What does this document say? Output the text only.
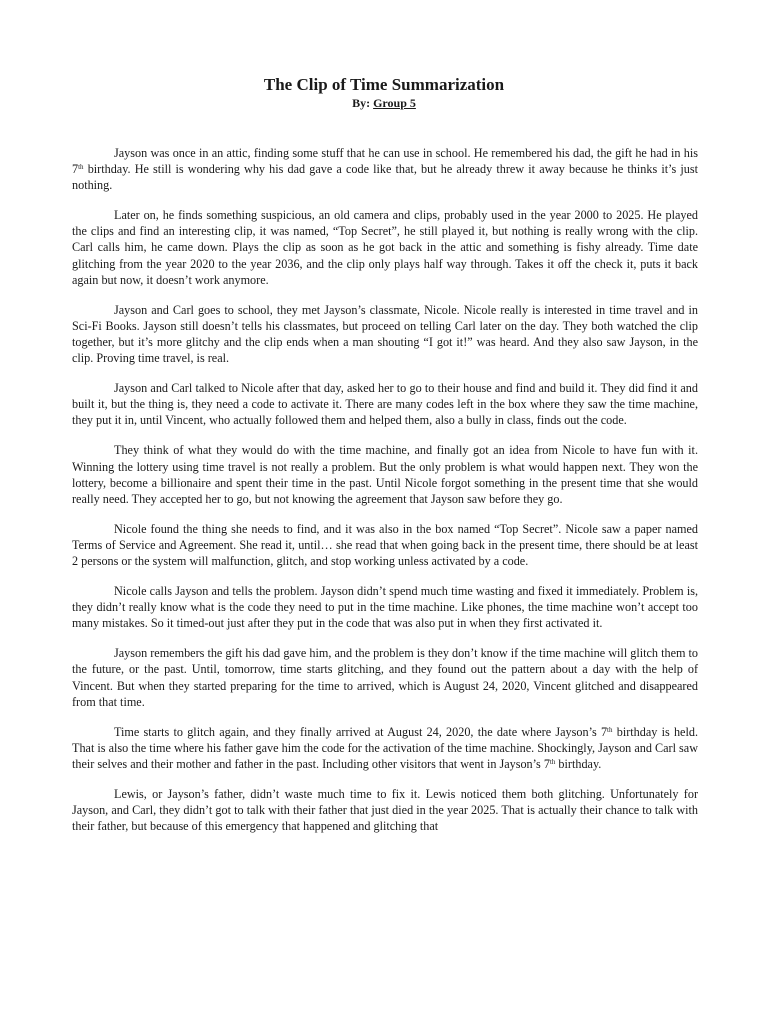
The Clip of Time Summarization
By: Group 5

Jayson was once in an attic, finding some stuff that he can use in school. He remembered his dad, the gift he had in his 7th birthday. He still is wondering why his dad gave a code like that, but he already threw it away because he thinks it’s just nothing.

Later on, he finds something suspicious, an old camera and clips, probably used in the year 2000 to 2025. He played the clips and find an interesting clip, it was named, “Top Secret”, he still played it, but nothing is really wrong with the clip. Carl calls him, he came down. Plays the clip as soon as he got back in the attic and something is fishy already. Time date glitching from the year 2020 to the year 2036, and the clip only plays half way through. Takes it off the check it, puts it back again but now, it doesn’t work anymore.

Jayson and Carl goes to school, they met Jayson’s classmate, Nicole. Nicole really is interested in time travel and in Sci-Fi Books. Jayson still doesn’t tells his classmates, but proceed on telling Carl later on the day. They both watched the clip together, but it’s more glitchy and the clip ends when a man shouting “I got it!” was heard. And they also saw Jayson, in the clip. Proving time travel, is real.

Jayson and Carl talked to Nicole after that day, asked her to go to their house and find and build it. They did find it and built it, but the thing is, they need a code to activate it. There are many codes left in the box where they saw the time machine, they put it in, until Vincent, who actually followed them and helped them, also a bully in class, finds out the code.

They think of what they would do with the time machine, and finally got an idea from Nicole to have fun with it. Winning the lottery using time travel is not really a problem. But the only problem is what would happen next. They won the lottery, become a billionaire and spent their time in the past. Until Nicole forgot something in the present time that she would really need. They accepted her to go, but not knowing the agreement that Jayson saw before they go.

Nicole found the thing she needs to find, and it was also in the box named “Top Secret”. Nicole saw a paper named Terms of Service and Agreement. She read it, until… she read that when going back in the present time, there should be at least 2 persons or the system will malfunction, glitch, and stop working unless activated by a code.

Nicole calls Jayson and tells the problem. Jayson didn’t spend much time wasting and fixed it immediately. Problem is, they didn’t really know what is the code they need to put in the time machine. Like phones, the time machine won’t accept too many mistakes. So it timed-out just after they put in the code that was also put in when they first activated it.

Jayson remembers the gift his dad gave him, and the problem is they don’t know if the time machine will glitch them to the future, or the past. Until, tomorrow, time starts glitching, and they found out the pattern about a day with the help of Vincent. But when they started preparing for the time to arrived, which is August 24, 2020, Vincent glitched and disappeared from that time.

Time starts to glitch again, and they finally arrived at August 24, 2020, the date where Jayson’s 7th birthday is held. That is also the time where his father gave him the code for the activation of the time machine. Shockingly, Jayson and Carl saw their selves and their mother and father in the past. Including other visitors that went in Jayson’s 7th birthday.

Lewis, or Jayson’s father, didn’t waste much time to fix it. Lewis noticed them both glitching. Unfortunately for Jayson, and Carl, they didn’t got to talk with their father that just died in the year 2025. That is actually their chance to talk with their father, but because of this emergency that happened and glitching that
